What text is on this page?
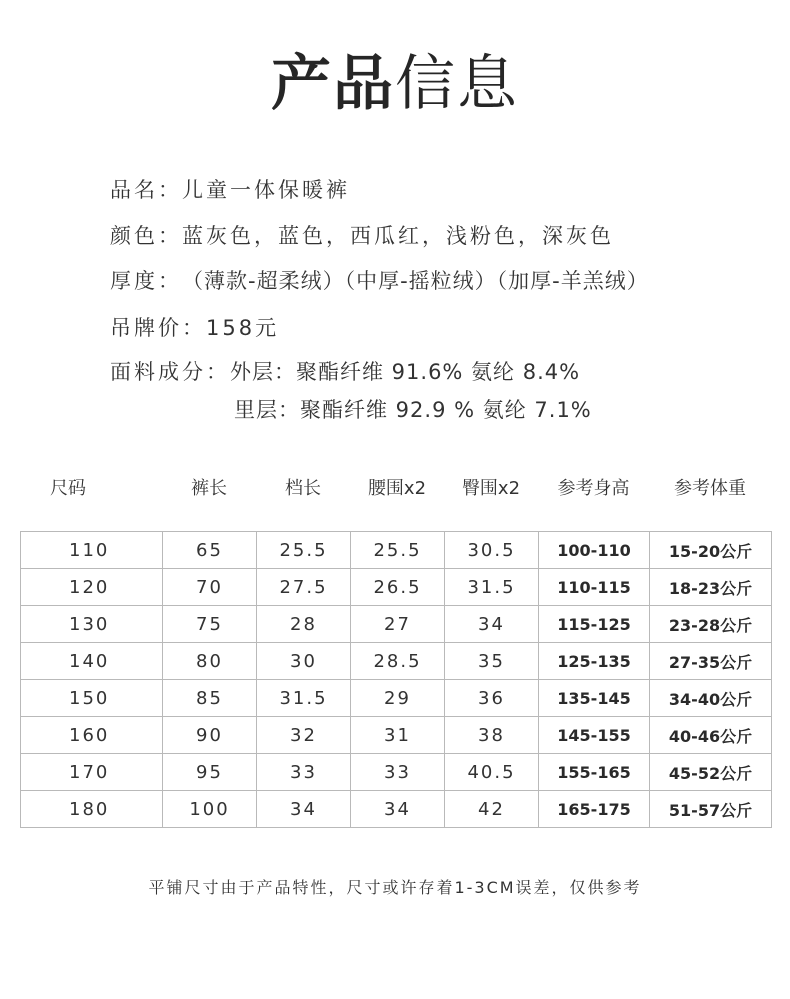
产品信息
品名：儿童一体保暖裤
颜色：蓝灰色，蓝色，西瓜红，浅粉色，深灰色
厚度：（薄款-超柔绒）（中厚-摇粒绒）（加厚-羊羔绒）
吊牌价：158元
面料成分：外层：聚酯纤维 91.6% 氨纶 8.4%
里层：聚酯纤维 92.9 % 氨纶 7.1%
尺码	裤长	档长	腰围x2	臀围x2	参考身高	参考体重
110	65	25.5	25.5	30.5	100-110	15-20公斤
120	70	27.5	26.5	31.5	110-115	18-23公斤
130	75	28	27	34	115-125	23-28公斤
140	80	30	28.5	35	125-135	27-35公斤
150	85	31.5	29	36	135-145	34-40公斤
160	90	32	31	38	145-155	40-46公斤
170	95	33	33	40.5	155-165	45-52公斤
180	100	34	34	42	165-175	51-57公斤
平铺尺寸由于产品特性，尺寸或许存着1-3CM误差，仅供参考
